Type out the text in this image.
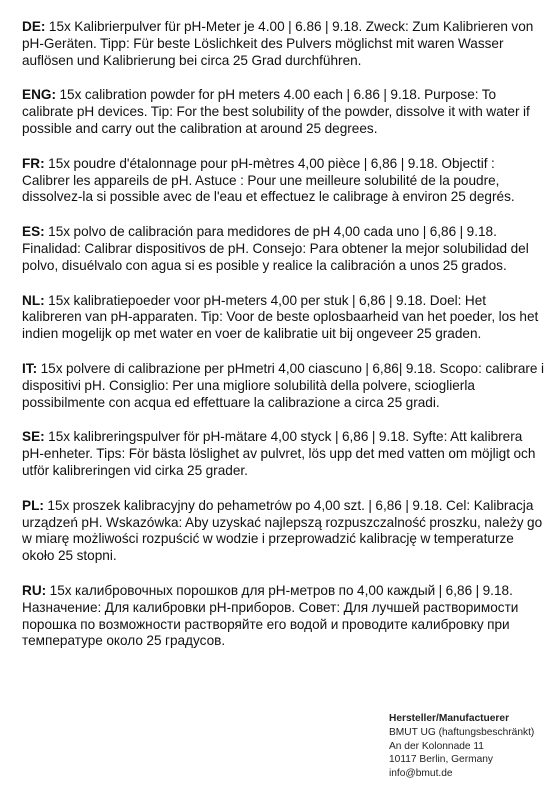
DE: 15x Kalibrierpulver für pH-Meter je 4.00 | 6.86 | 9.18. Zweck: Zum Kalibrieren von pH-Geräten. Tipp: Für beste Löslichkeit des Pulvers möglichst mit waren Wasser auflösen und Kalibrierung bei circa 25 Grad durchführen.

ENG: 15x calibration powder for pH meters 4.00 each | 6.86 | 9.18. Purpose: To calibrate pH devices. Tip: For the best solubility of the powder, dissolve it with water if possible and carry out the calibration at around 25 degrees.

FR: 15x poudre d'étalonnage pour pH-mètres 4,00 pièce | 6,86 | 9.18. Objectif : Calibrer les appareils de pH. Astuce : Pour une meilleure solubilité de la poudre, dissolvez-la si possible avec de l'eau et effectuez le calibrage à environ 25 degrés.

ES: 15x polvo de calibración para medidores de pH 4,00 cada uno | 6,86 | 9.18. Finalidad: Calibrar dispositivos de pH. Consejo: Para obtener la mejor solubilidad del polvo, disuélvalo con agua si es posible y realice la calibración a unos 25 grados.

NL: 15x kalibratiepoeder voor pH-meters 4,00 per stuk | 6,86 | 9.18. Doel: Het kalibreren van pH-apparaten. Tip: Voor de beste oplosbaarheid van het poeder, los het indien mogelijk op met water en voer de kalibratie uit bij ongeveer 25 graden.

IT: 15x polvere di calibrazione per pHmetri 4,00 ciascuno | 6,86| 9.18. Scopo: calibrare i dispositivi pH. Consiglio: Per una migliore solubilità della polvere, scioglierla possibilmente con acqua ed effettuare la calibrazione a circa 25 gradi.

SE: 15x kalibreringspulver för pH-mätare 4,00 styck | 6,86 | 9.18. Syfte: Att kalibrera pH-enheter. Tips: För bästa löslighet av pulvret, lös upp det med vatten om möjligt och utför kalibreringen vid cirka 25 grader.

PL: 15x proszek kalibracyjny do pehametrów po 4,00 szt. | 6,86 | 9.18. Cel: Kalibracja urządzeń pH. Wskazówka: Aby uzyskać najlepszą rozpuszczalność proszku, należy go w miarę możliwości rozpuścić w wodzie i przeprowadzić kalibrację w temperaturze około 25 stopni.

RU: 15x калибровочных порошков для pH-метров по 4,00 каждый | 6,86 | 9.18. Назначение: Для калибровки pH-приборов. Совет: Для лучшей растворимости порошка по возможности растворяйте его водой и проводите калибровку при температуре около 25 градусов.

Hersteller/Manufactuerer
BMUT UG (haftungsbeschränkt)
An der Kolonnade 11
10117 Berlin, Germany
info@bmut.de
